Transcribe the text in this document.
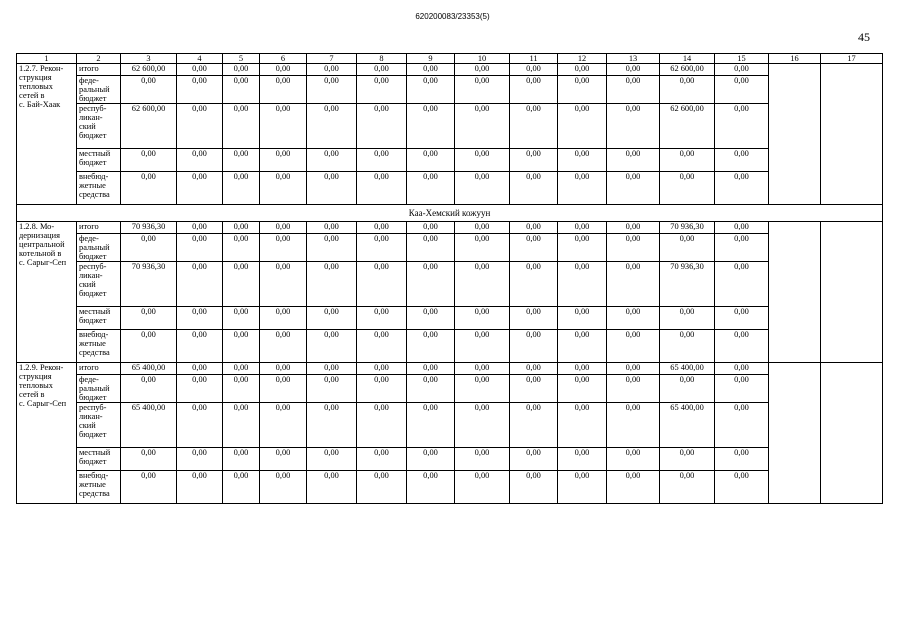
620200083/23353(5)
45
1	2	3	4	5	6	7	8	9	10	11	12	13	14	15	16	17
1.2.7. Рекон-
струкция
тепловых
сетей в
с. Бай-Хаак	итого	62 600,00	0,00	0,00	0,00	0,00	0,00	0,00	0,00	0,00	0,00	0,00	62 600,00	0,00		
	феде-
ральный
бюджет	0,00	0,00	0,00	0,00	0,00	0,00	0,00	0,00	0,00	0,00	0,00	0,00	0,00		
	респуб-
ликан-
ский
бюджет	62 600,00	0,00	0,00	0,00	0,00	0,00	0,00	0,00	0,00	0,00	0,00	62 600,00	0,00		
	местный
бюджет	0,00	0,00	0,00	0,00	0,00	0,00	0,00	0,00	0,00	0,00	0,00	0,00	0,00		
	внебюд-
жетные
средства	0,00	0,00	0,00	0,00	0,00	0,00	0,00	0,00	0,00	0,00	0,00	0,00	0,00		
Каа-Хемский кожуун																
1.2.8. Мо-
дернизация
центральной
котельной в
с. Сарыг-Сеп	итого	70 936,30	0,00	0,00	0,00	0,00	0,00	0,00	0,00	0,00	0,00	0,00	70 936,30	0,00		
	феде-
ральный
бюджет	0,00	0,00	0,00	0,00	0,00	0,00	0,00	0,00	0,00	0,00	0,00	0,00	0,00		
	респуб-
ликан-
ский
бюджет	70 936,30	0,00	0,00	0,00	0,00	0,00	0,00	0,00	0,00	0,00	0,00	70 936,30	0,00		
	местный
бюджет	0,00	0,00	0,00	0,00	0,00	0,00	0,00	0,00	0,00	0,00	0,00	0,00	0,00		
	внебюд-
жетные
средства	0,00	0,00	0,00	0,00	0,00	0,00	0,00	0,00	0,00	0,00	0,00	0,00	0,00		
1.2.9. Рекон-
струкция
тепловых
сетей в
с. Сарыг-Сеп	итого	65 400,00	0,00	0,00	0,00	0,00	0,00	0,00	0,00	0,00	0,00	0,00	65 400,00	0,00		
	феде-
ральный
бюджет	0,00	0,00	0,00	0,00	0,00	0,00	0,00	0,00	0,00	0,00	0,00	0,00	0,00		
	респуб-
ликан-
ский
бюджет	65 400,00	0,00	0,00	0,00	0,00	0,00	0,00	0,00	0,00	0,00	0,00	65 400,00	0,00		
	местный
бюджет	0,00	0,00	0,00	0,00	0,00	0,00	0,00	0,00	0,00	0,00	0,00	0,00	0,00		
	внебюд-
жетные
средства	0,00	0,00	0,00	0,00	0,00	0,00	0,00	0,00	0,00	0,00	0,00	0,00	0,00		
